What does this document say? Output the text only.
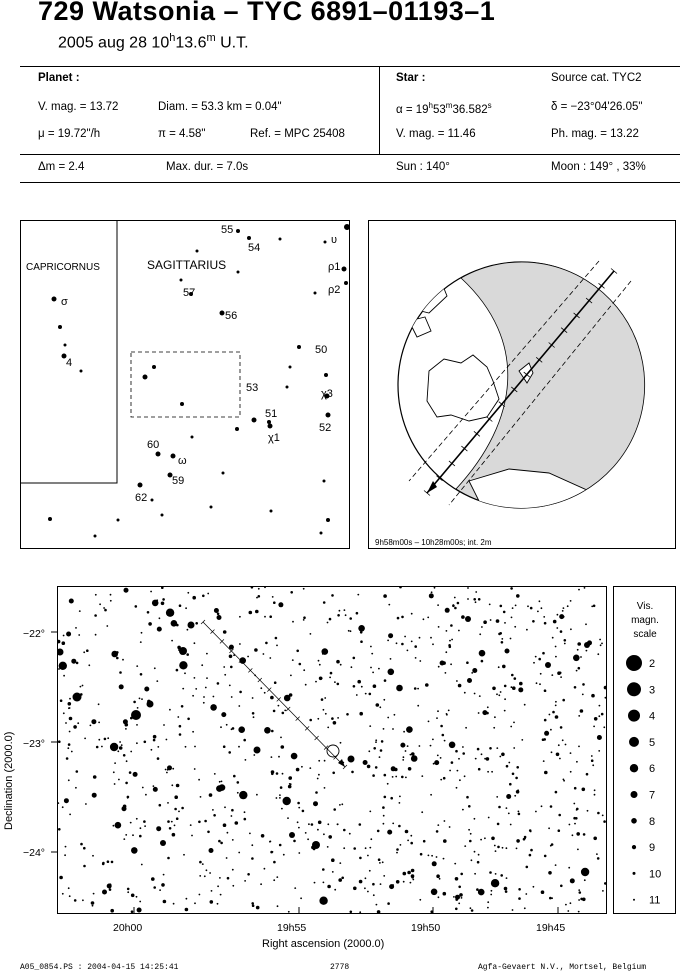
729 Watsonia – TYC 6891–01193–1
2005 aug 28 10$^h$13.6$^m$ U.T.
Planet :
V. mag. = 13.72	Diam. = 53.3 km = 0.04"
μ = 19.72"/h	π = 4.58"	Ref. = MPC 25408
Star :	Source cat. TYC2
$\alpha = 19^h53^m36.582^s$	δ = −23°04'26.05"
V. mag. = 11.46	Ph. mag. = 13.22
Δm = 2.4	Max. dur. = 7.0s	Sun : 140°	Moon : 149° , 33%
CAPRICORNUS	SAGITTARIUS
55
54
υ
ρ1
ρ2
57
56
σ
4
50
53	χ3
51
52
χ1
60
ω
59
62
9h58m00s – 10h28m00s; int. 2m
20h00	19h55	19h50	19h45
−22°
−23°
−24°
Right ascension (2000.0)
Declination (2000.0)
Vis.
magn.
scale
2
3
4
5
6
7
8
9
10
11
A05_0854.PS : 2004-04-15 14:25:41	2778	Agfa-Gevaert N.V., Mortsel, Belgium
